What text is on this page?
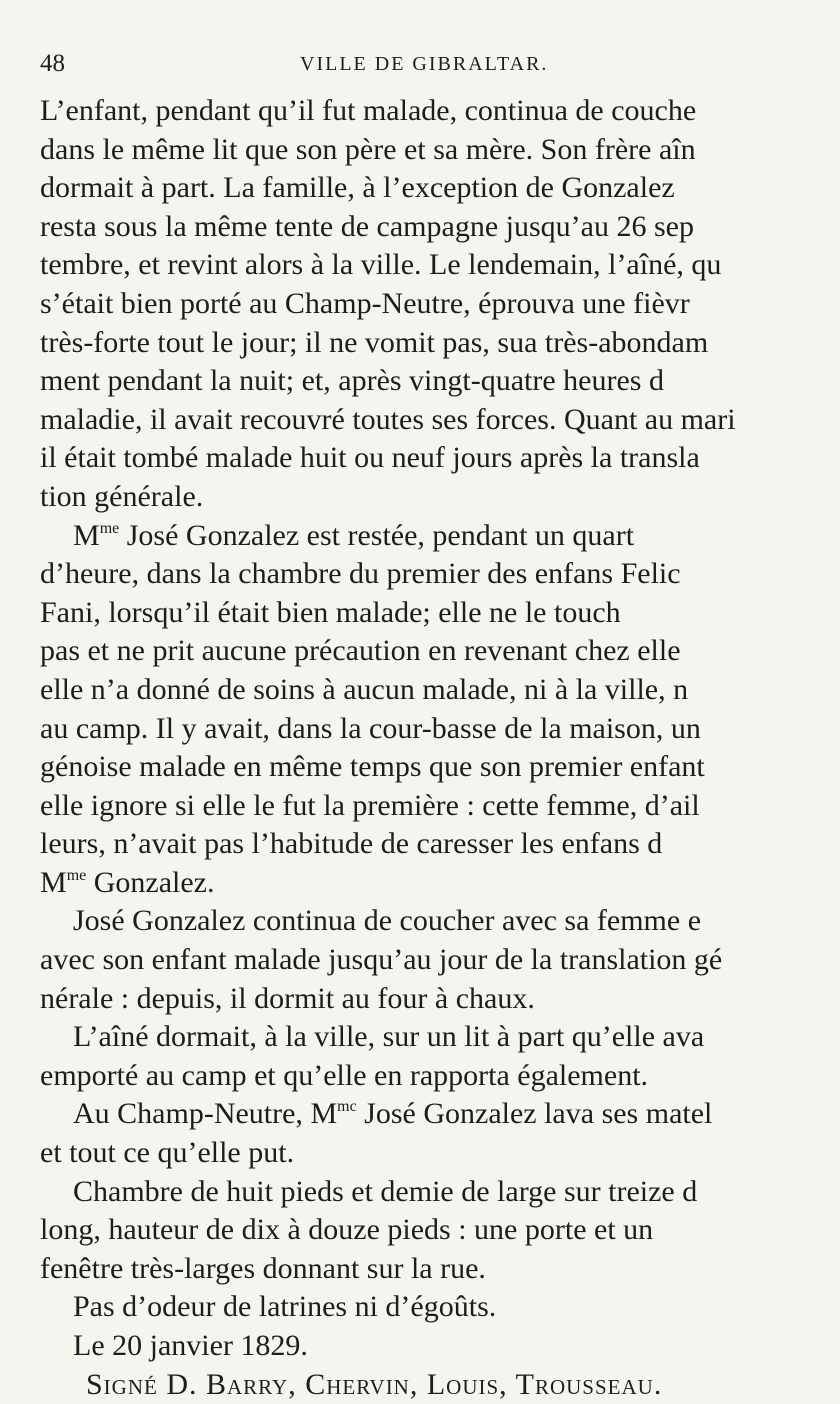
48	VILLE DE GIBRALTAR.
L’enfant, pendant qu’il fut malade, continua de couche
dans le même lit que son père et sa mère. Son frère aîn
dormait à part. La famille, à l’exception de Gonzalez
resta sous la même tente de campagne jusqu’au 26 sep
tembre, et revint alors à la ville. Le lendemain, l’aîné, qu
s’était bien porté au Champ-Neutre, éprouva une fièvr
très-forte tout le jour; il ne vomit pas, sua très-abondam
ment pendant la nuit; et, après vingt-quatre heures d
maladie, il avait recouvré toutes ses forces. Quant au mari
il était tombé malade huit ou neuf jours après la transla
tion générale.
$M^{me}$ José Gonzalez est restée, pendant un quart
d’heure, dans la chambre du premier des enfans Felic
Fani, lorsqu’il était bien malade; elle ne le touch
pas et ne prit aucune précaution en revenant chez elle
elle n’a donné de soins à aucun malade, ni à la ville, n
au camp. Il y avait, dans la cour-basse de la maison, un
génoise malade en même temps que son premier enfant
elle ignore si elle le fut la première : cette femme, d’ail
leurs, n’avait pas l’habitude de caresser les enfans d
$M^{me}$ Gonzalez.
José Gonzalez continua de coucher avec sa femme e
avec son enfant malade jusqu’au jour de la translation gé
nérale : depuis, il dormit au four à chaux.
L’aîné dormait, à la ville, sur un lit à part qu’elle ava
emporté au camp et qu’elle en rapporta également.
Au Champ-Neutre, $M^{mc}$ José Gonzalez lava ses matel
et tout ce qu’elle put.
Chambre de huit pieds et demie de large sur treize d
long, hauteur de dix à douze pieds : une porte et un
fenêtre très-larges donnant sur la rue.
Pas d’odeur de latrines ni d’égoûts.
Le 20 janvier 1829.
Signé D. Barry, Chervin, Louis, Trousseau.
